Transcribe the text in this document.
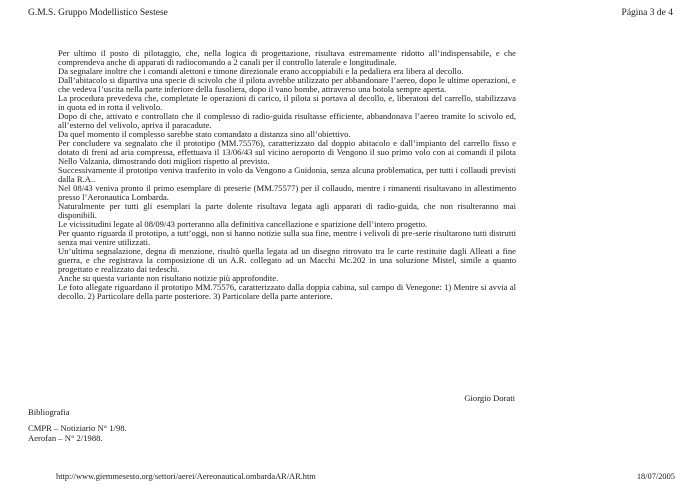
G.M.S. Gruppo Modellistico Sestese	Página 3 de 4

Per ultimo il posto di pilotaggio, che, nella logica di progettazione, risultava estremamente ridotto all’indispensabile, e che comprendeva anche di apparati di radiocomando a 2 canali per il controllo laterale e longitudinale.

Da segnalare inoltre che i comandi alettoni e timone direzionale erano accoppiabili e la pedaliera era libera al decollo.

Dall’abitacolo si dipartiva una specie di scivolo che il pilota avrebbe utilizzato per abbandonare l’aereo, dopo le ultime operazioni, e che vedeva l’uscita nella parte inferiore della fusoliera, dopo il vano bombe, attraverso una botola sempre aperta.

La procedura prevedeva che, completate le operazioni di carico, il pilota si portava al decollo, e, liberatosi del carrello, stabilizzava in quota ed in rotta il velivolo.

Dopo di che, attivato e controllato che il complesso di radio-guida risultasse efficiente, abbandonava l’aereo tramite lo scivolo ed, all’esterno del velivolo, apriva il paracadute.

Da quel momento il complesso sarebbe stato comandato a distanza sino all’obiettivo.

Per concludere va segnalato che il prototipo (MM.75576), caratterizzato dal doppio abitacolo e dall’impianto del carrello fisso e dotato di freni ad aria compressa, effettuava il 13/06/43 sul vicino aeroporto di Vengono il suo primo volo con ai comandi il pilota Nello Valzania, dimostrando doti migliori rispetto al previsto.

Successivamente il prototipo veniva trasferito in volo da Vengono a Guidonia, senza alcuna problematica, per tutti i collaudi previsti dalla R.A..

Nel 08/43 veniva pronto il primo esemplare di preserie (MM.75577) per il collaudo, mentre i rimanenti risultavano in allestimento presso l’Aeronautica Lombarda.

Naturalmente per tutti gli esemplari la parte dolente risultava legata agli apparati di radio-guida, che non risulteranno mai disponibili.

Le vicissitudini legate al 08/09/43 porteranno alla definitiva cancellazione e sparizione dell’intero progetto.

Per quanto riguarda il prototipo, a tutt’oggi, non si hanno notizie sulla sua fine, mentre i velivoli di pre-serie risultarono tutti distrutti senza mai venire utilizzati.

Un’ultima segnalazione, degna di menzione, risultò quella legata ad un disegno ritrovato tra le carte restituite dagli Alleati a fine guerra, e che registrava la composizione di un A.R. collegato ad un Macchi Mc.202 in una soluzione Mistel, simile a quanto progettato e realizzato dai tedeschi.

Anche su questa variante non risultano notizie più approfondite.

Le foto allegate riguardano il prototipo MM.75576, caratterizzato dalla doppia cabina, sul campo di Venegone: 1) Mentre si avvia al decollo. 2) Particolare della parte posteriore. 3) Particolare della parte anteriore.

Giorgio Dorati
Bibliografia
CMPR – Notiziario N° 1/98.
Aerofan – N° 2/1988.
http://www.giemmesesto.org/settori/aerei/Aereonautical.ombardaAR/AR.htm	18/07/2005
